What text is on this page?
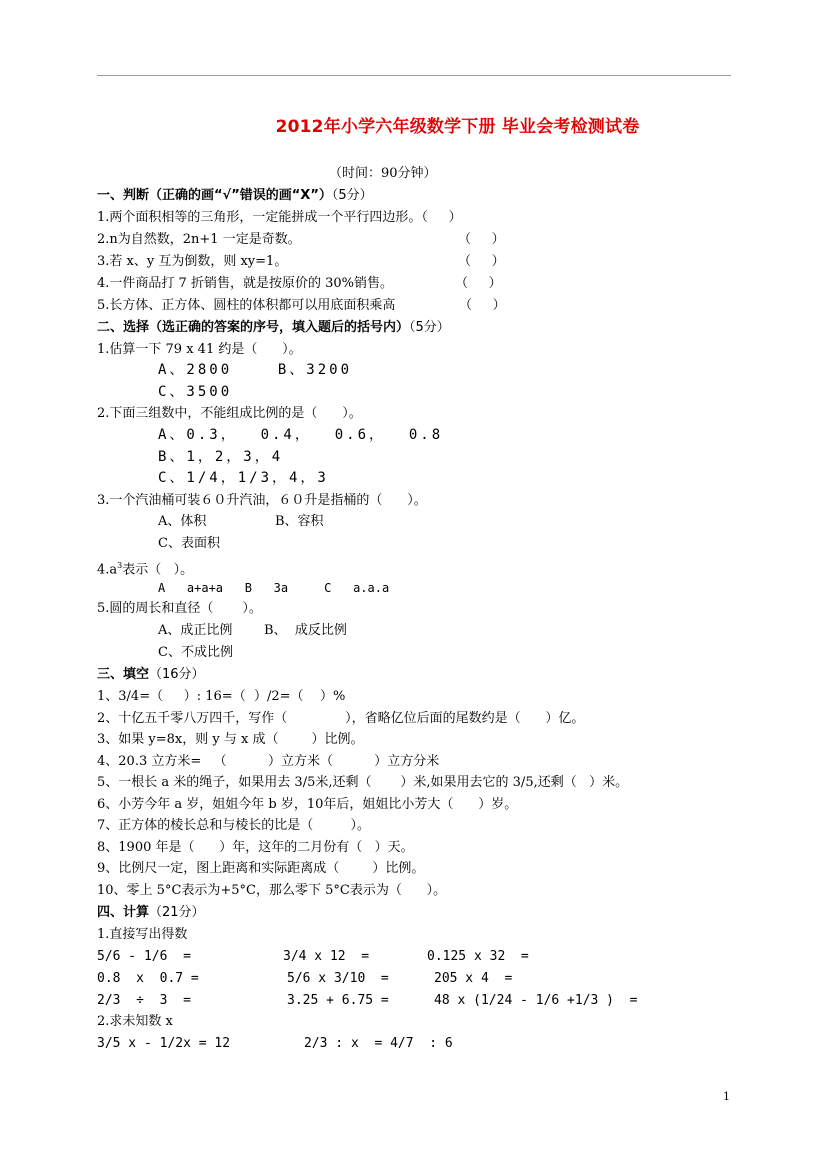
2012年小学六年级数学下册 毕业会考检测试卷
（时间：90分钟）
一、判断（正确的画“√”错误的画“X”）（5分）
1.两个面积相等的三角形，一定能拼成一个平行四边形。（     ）
2.n为自然数，2n+1 一定是奇数。	（     ）
3.若 x、y 互为倒数，则 xy=1。	（     ）
4.一件商品打 7 折销售，就是按原价的 30%销售。	（     ）
5.长方体、正方体、圆柱的体积都可以用底面积乘高	（     ）
二、选择（选正确的答案的序号，填入题后的括号内）（5分）
1.估算一下 79 x 41 约是（      ）。
A、2800    B、3200
C、3500
2.下面三组数中，不能组成比例的是（      ）。
A、0.3，  0.4，  0.6，  0.8
B、1，2，3，4
C、1/4，1/3，4，3
3.一个汽油桶可装６０升汽油，６０升是指桶的（      ）。
A、体积	B、容积
C、表面积
$4.a^3$表示（   ）。
A   a+a+a   B   3a     C   a.a.a
5.圆的周长和直径（       ）。
A、成正比例 B、  成反比例
C、不成比例
三、填空（16分）
1、3/4=（     ）: 16=（  ）/2=（    ）%
2、十亿五千零八万四千，写作（              ），省略亿位后面的尾数约是（      ）亿。
3、如果 y=8x，则 y 与 x 成（        ）比例。
4、20.3 立方米=   （          ）立方米（          ）立方分米
5、一根长 a 米的绳子，如果用去 3/5米,还剩（       ）米,如果用去它的 3/5,还剩（   ）米。
6、小芳今年 a 岁，姐姐今年 b 岁，10年后，姐姐比小芳大（      ）岁。
7、正方体的棱长总和与棱长的比是（         ）。
8、1900 年是（      ）年，这年的二月份有（   ）天。
9、比例尺一定，图上距离和实际距离成（        ）比例。
10、零上 5°C表示为+5°C，那么零下 5°C表示为（      ）。
四、计算（21分）
1.直接写出得数
5/6 - 1/6  =	3/4 x 12  =	0.125 x 32  =
0.8  x  0.7 =	5/6 x 3/10  =	205 x 4  =
2/3  ÷  3  =	3.25 + 6.75 =	48 x (1/24 - 1/6 +1/3 )  =
2.求未知数 x
3/5 x - 1/2x = 12	2/3 : x  = 4/7  : 6
1
